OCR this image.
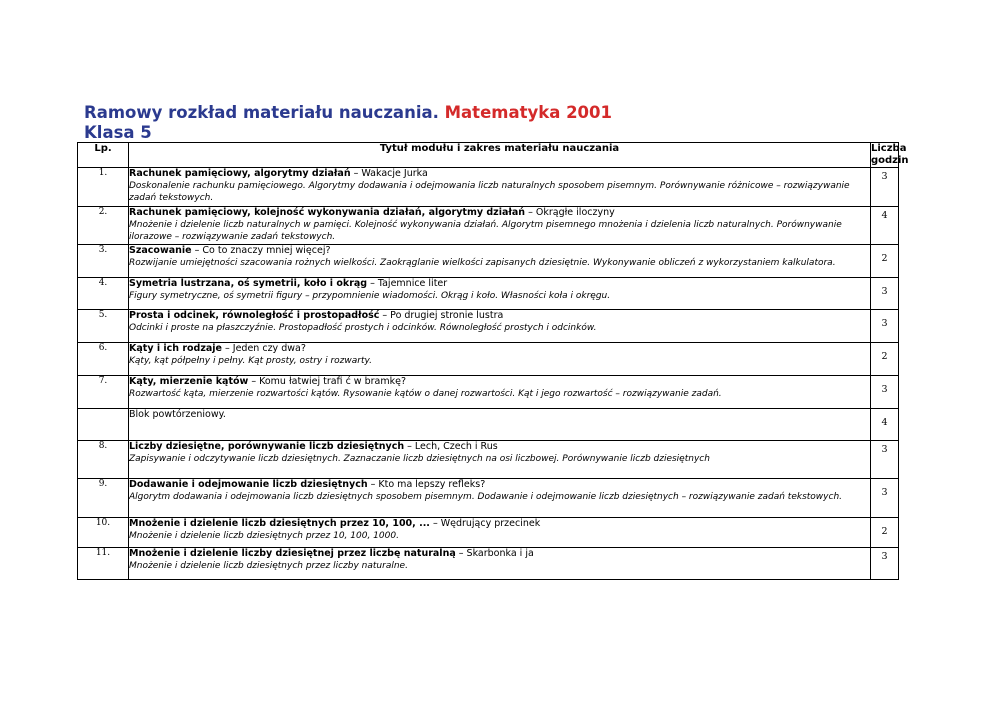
Ramowy rozkład materiału nauczania. Matematyka 2001
Klasa 5
Lp.	Tytuł modułu i zakres materiału nauczania	Liczba
godzin

1.	Rachunek pamięciowy, algorytmy działań – Wakacje Jurka
Doskonalenie rachunku pamięciowego. Algorytmy dodawania i odejmowania liczb naturalnych sposobem pisemnym. Porównywanie różnicowe – rozwiązywanie zadań tekstowych.	3
2.	Rachunek pamięciowy, kolejność wykonywania działań, algorytmy działań – Okrągłe iloczyny
Mnożenie i dzielenie liczb naturalnych w pamięci. Kolejność wykonywania działań. Algorytm pisemnego mnożenia i dzielenia liczb naturalnych. Porównywanie ilorazowe – rozwiązywanie zadań tekstowych.	4
3.	Szacowanie – Co to znaczy mniej więcej?
Rozwijanie umiejętności szacowania rożnych wielkości. Zaokrąglanie wielkości zapisanych dziesiętnie. Wykonywanie obliczeń z wykorzystaniem kalkulatora.	2
4.	Symetria lustrzana, oś symetrii, koło i okrąg – Tajemnice liter
Figury symetryczne, oś symetrii figury – przypomnienie wiadomości. Okrąg i koło. Własności koła i okręgu.	3
5.	Prosta i odcinek, równoległość i prostopadłość – Po drugiej stronie lustra
Odcinki i proste na płaszczyźnie. Prostopadłość prostych i odcinków. Równoległość prostych i odcinków.	3
6.	Kąty i ich rodzaje – Jeden czy dwa?
Kąty, kąt półpełny i pełny. Kąt prosty, ostry i rozwarty.	2
7.	Kąty, mierzenie kątów – Komu łatwiej trafi ć w bramkę?
Rozwartość kąta, mierzenie rozwartości kątów. Rysowanie kątów o danej rozwartości. Kąt i jego rozwartość – rozwiązywanie zadań.	3

	Blok powtórzeniowy.	4
8.	Liczby dziesiętne, porównywanie liczb dziesiętnych – Lech, Czech i Rus
Zapisywanie i odczytywanie liczb dziesiętnych. Zaznaczanie liczb dziesiętnych na osi liczbowej. Porównywanie liczb dziesiętnych	3
9.	Dodawanie i odejmowanie liczb dziesiętnych – Kto ma lepszy refleks?
Algorytm dodawania i odejmowania liczb dziesiętnych sposobem pisemnym. Dodawanie i odejmowanie liczb dziesiętnych – rozwiązywanie zadań tekstowych.	3
10.	Mnożenie i dzielenie liczb dziesiętnych przez 10, 100, ... – Wędrujący przecinek
Mnożenie i dzielenie liczb dziesiętnych przez 10, 100, 1000.	2
11.	Mnożenie i dzielenie liczby dziesiętnej przez liczbę naturalną – Skarbonka i ja
Mnożenie i dzielenie liczb dziesiętnych przez liczby naturalne.	3
